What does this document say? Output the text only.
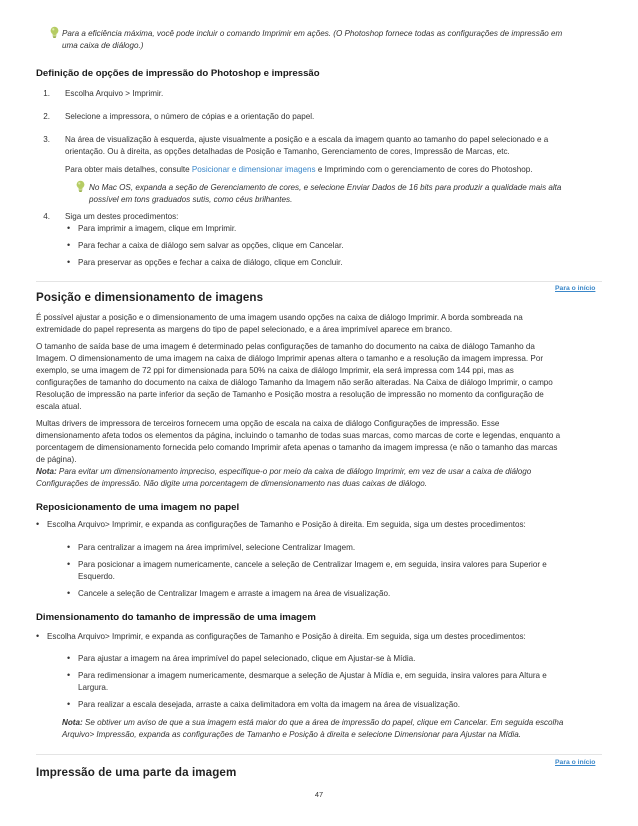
Para a eficiência máxima, você pode incluir o comando Imprimir em ações. (O Photoshop fornece todas as configurações de impressão em
uma caixa de diálogo.)
Definição de opções de impressão do Photoshop e impressão
1. Escolha Arquivo > Imprimir.
2. Selecione a impressora, o número de cópias e a orientação do papel.
3. Na área de visualização à esquerda, ajuste visualmente a posição e a escala da imagem quanto ao tamanho do papel selecionado e a
orientação. Ou à direita, as opções detalhadas de Posição e Tamanho, Gerenciamento de cores, Impressão de Marcas, etc.
Para obter mais detalhes, consulte Posicionar e dimensionar imagens e Imprimindo com o gerenciamento de cores do Photoshop.
No Mac OS, expanda a seção de Gerenciamento de cores, e selecione Enviar Dados de 16 bits para produzir a qualidade mais alta
possível em tons graduados sutis, como céus brilhantes.
4. Siga um destes procedimentos:
• Para imprimir a imagem, clique em Imprimir.
• Para fechar a caixa de diálogo sem salvar as opções, clique em Cancelar.
• Para preservar as opções e fechar a caixa de diálogo, clique em Concluir.
Para o início
Posição e dimensionamento de imagens
É possível ajustar a posição e o dimensionamento de uma imagem usando opções na caixa de diálogo Imprimir. A borda sombreada na
extremidade do papel representa as margens do tipo de papel selecionado, e a área imprimível aparece em branco.
O tamanho de saída base de uma imagem é determinado pelas configurações de tamanho do documento na caixa de diálogo Tamanho da
Imagem. O dimensionamento de uma imagem na caixa de diálogo Imprimir apenas altera o tamanho e a resolução da imagem impressa. Por
exemplo, se uma imagem de 72 ppi for dimensionada para 50% na caixa de diálogo Imprimir, ela será impressa com 144 ppi, mas as
configurações de tamanho do documento na caixa de diálogo Tamanho da Imagem não serão alteradas. Na Caixa de diálogo Imprimir, o campo
Resolução de impressão na parte inferior da seção de Tamanho e Posição mostra a resolução de impressão no momento da configuração de
escala atual.
Multas drivers de impressora de terceiros fornecem uma opção de escala na caixa de diálogo Configurações de impressão. Esse
dimensionamento afeta todos os elementos da página, incluindo o tamanho de todas suas marcas, como marcas de corte e legendas, enquanto a
porcentagem de dimensionamento fornecida pelo comando Imprimir afeta apenas o tamanho da imagem impressa (e não o tamanho das marcas
de página).
Nota: Para evitar um dimensionamento impreciso, especifique-o por meio da caixa de diálogo Imprimir, em vez de usar a caixa de diálogo
Configurações de impressão. Não digite uma porcentagem de dimensionamento nas duas caixas de diálogo.
Reposicionamento de uma imagem no papel
• Escolha Arquivo> Imprimir, e expanda as configurações de Tamanho e Posição à direita. Em seguida, siga um destes procedimentos:
• Para centralizar a imagem na área imprimível, selecione Centralizar Imagem.
• Para posicionar a imagem numericamente, cancele a seleção de Centralizar Imagem e, em seguida, insira valores para Superior e
Esquerdo.
• Cancele a seleção de Centralizar Imagem e arraste a imagem na área de visualização.
Dimensionamento do tamanho de impressão de uma imagem
• Escolha Arquivo> Imprimir, e expanda as configurações de Tamanho e Posição à direita. Em seguida, siga um destes procedimentos:
• Para ajustar a imagem na área imprimível do papel selecionado, clique em Ajustar-se à Mídia.
• Para redimensionar a imagem numericamente, desmarque a seleção de Ajustar à Mídia e, em seguida, insira valores para Altura e
Largura.
• Para realizar a escala desejada, arraste a caixa delimitadora em volta da imagem na área de visualização.
Nota: Se obtiver um aviso de que a sua imagem está maior do que a área de impressão do papel, clique em Cancelar. Em seguida escolha
Arquivo> Impressão, expanda as configurações de Tamanho e Posição à direita e selecione Dimensionar para Ajustar na Mídia.
Para o início
Impressão de uma parte da imagem
47
